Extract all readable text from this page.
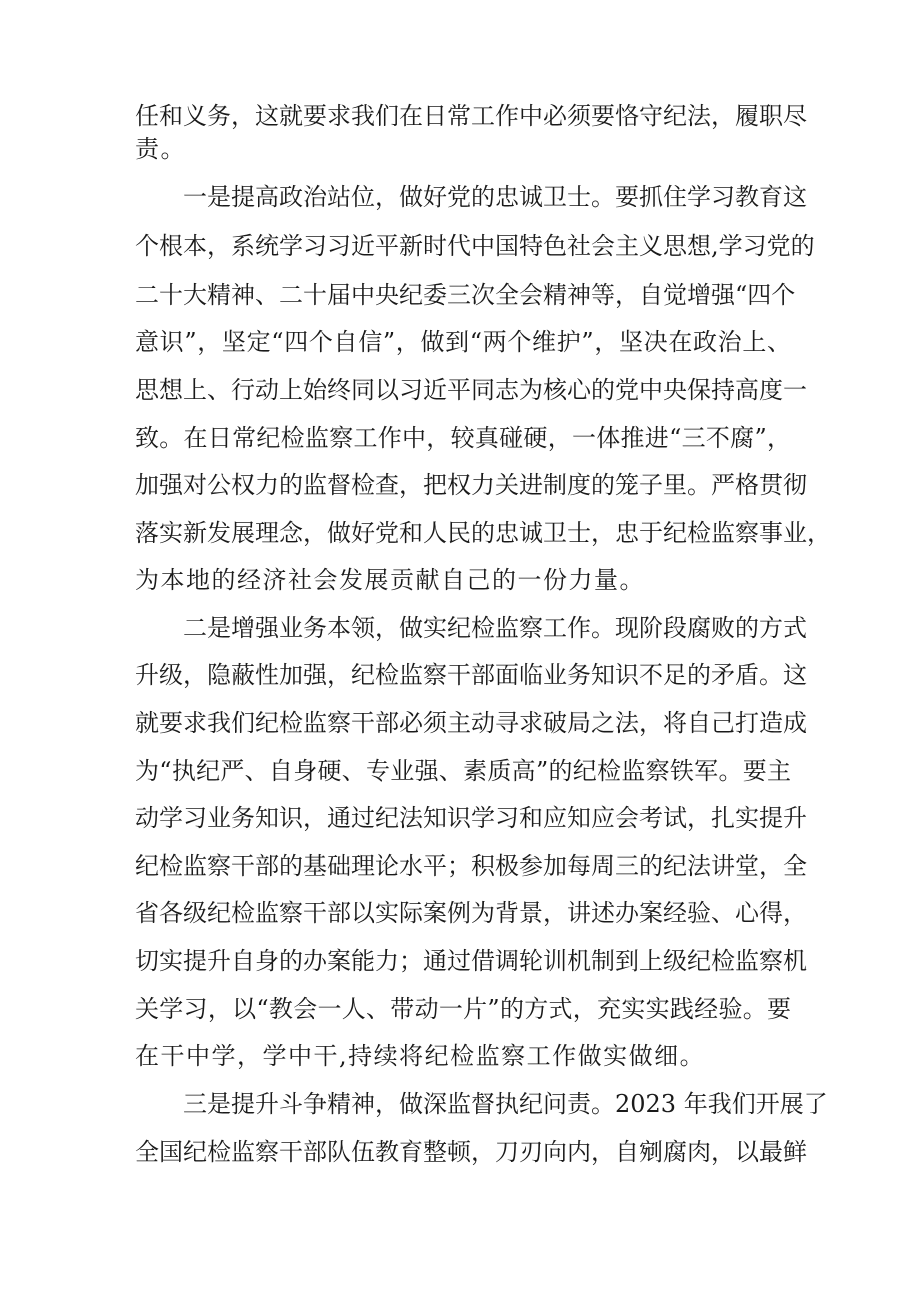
任和义务，这就要求我们在日常工作中必须要恪守纪法，履职尽
责。
一是提高政治站位，做好党的忠诚卫士。要抓住学习教育这
个根本，系统学习习近平新时代中国特色社会主义思想,学习党的
二十大精神、二十届中央纪委三次全会精神等，自觉增强“四个
意识”，坚定“四个自信”，做到“两个维护”，坚决在政治上、
思想上、行动上始终同以习近平同志为核心的党中央保持高度一
致。在日常纪检监察工作中，较真碰硬，一体推进“三不腐”，
加强对公权力的监督检查，把权力关进制度的笼子里。严格贯彻
落实新发展理念，做好党和人民的忠诚卫士，忠于纪检监察事业，
为本地的经济社会发展贡献自己的一份力量。
二是增强业务本领，做实纪检监察工作。现阶段腐败的方式
升级，隐蔽性加强，纪检监察干部面临业务知识不足的矛盾。这
就要求我们纪检监察干部必须主动寻求破局之法，将自己打造成
为“执纪严、自身硬、专业强、素质高”的纪检监察铁军。要主
动学习业务知识，通过纪法知识学习和应知应会考试，扎实提升
纪检监察干部的基础理论水平；积极参加每周三的纪法讲堂，全
省各级纪检监察干部以实际案例为背景，讲述办案经验、心得，
切实提升自身的办案能力；通过借调轮训机制到上级纪检监察机
关学习，以“教会一人、带动一片”的方式，充实实践经验。要
在干中学，学中干,持续将纪检监察工作做实做细。
三是提升斗争精神，做深监督执纪问责。2023 年我们开展了
全国纪检监察干部队伍教育整顿，刀刃向内，自剜腐肉，以最鲜
